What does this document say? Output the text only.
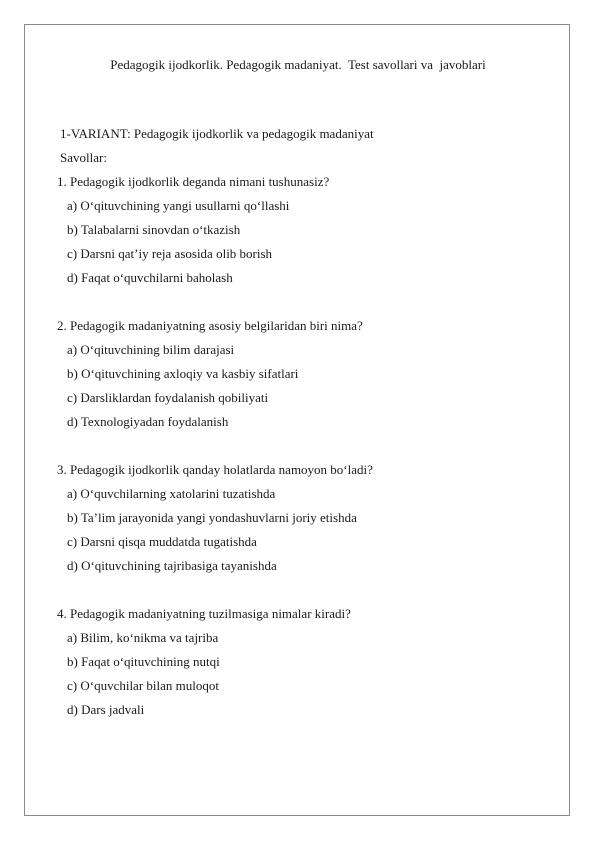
Pedagogik ijodkorlik. Pedagogik madaniyat.  Test savollari va  javoblari
1-VARIANT: Pedagogik ijodkorlik va pedagogik madaniyat
Savollar:
1. Pedagogik ijodkorlik deganda nimani tushunasiz?
a) O‘qituvchining yangi usullarni qo‘llashi
b) Talabalarni sinovdan o‘tkazish
c) Darsni qat’iy reja asosida olib borish
d) Faqat o‘quvchilarni baholash
2. Pedagogik madaniyatning asosiy belgilaridan biri nima?
a) O‘qituvchining bilim darajasi
b) O‘qituvchining axloqiy va kasbiy sifatlari
c) Darsliklardan foydalanish qobiliyati
d) Texnologiyadan foydalanish
3. Pedagogik ijodkorlik qanday holatlarda namoyon bo‘ladi?
a) O‘quvchilarning xatolarini tuzatishda
b) Ta’lim jarayonida yangi yondashuvlarni joriy etishda
c) Darsni qisqa muddatda tugatishda
d) O‘qituvchining tajribasiga tayanishda
4. Pedagogik madaniyatning tuzilmasiga nimalar kiradi?
a) Bilim, ko‘nikma va tajriba
b) Faqat o‘qituvchining nutqi
c) O‘quvchilar bilan muloqot
d) Dars jadvali
